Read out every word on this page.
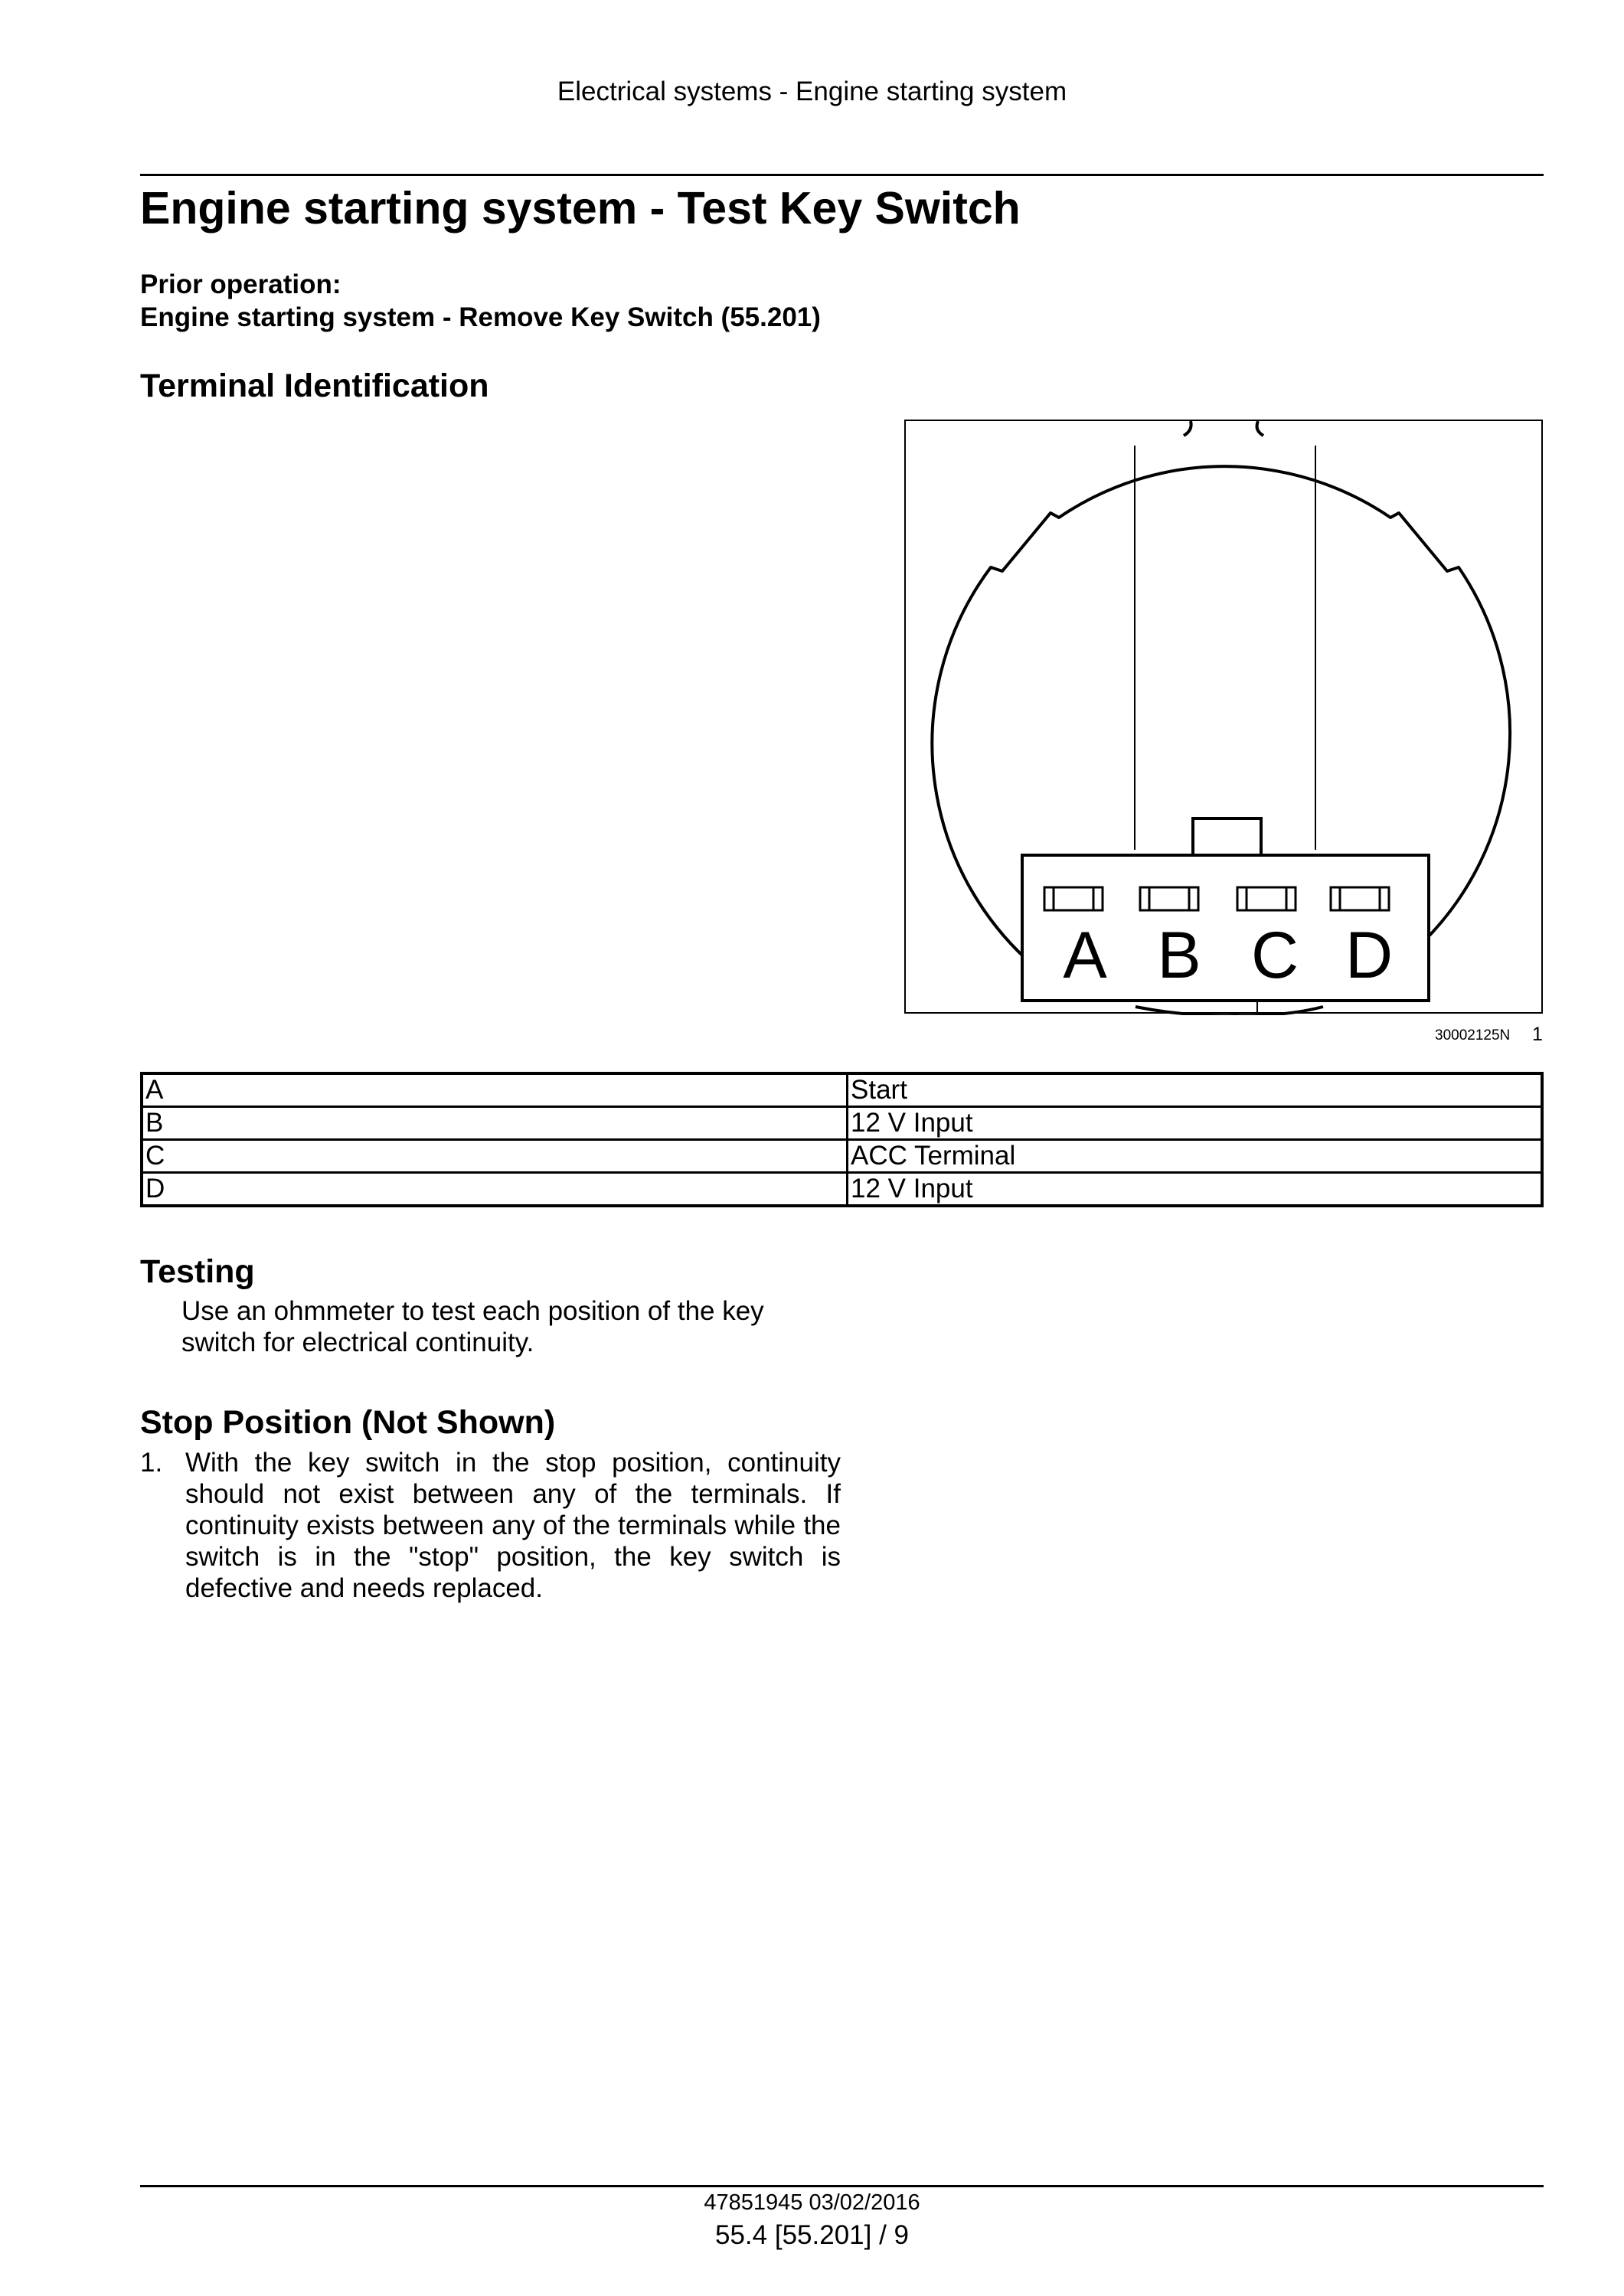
Electrical systems - Engine starting system
Engine starting system - Test Key Switch
Prior operation:
Engine starting system - Remove Key Switch (55.201)
Terminal Identification
A B C D
30002125N 1
A	Start
B	12 V Input
C	ACC Terminal
D	12 V Input
Testing
Use an ohmmeter to test each position of the key switch for electrical continuity.
Stop Position (Not Shown)
1. With the key switch in the stop position, continuity should not exist between any of the terminals. If continuity exists between any of the terminals while the switch is in the "stop" position, the key switch is defective and needs replaced.
47851945 03/02/2016
55.4 [55.201] / 9
